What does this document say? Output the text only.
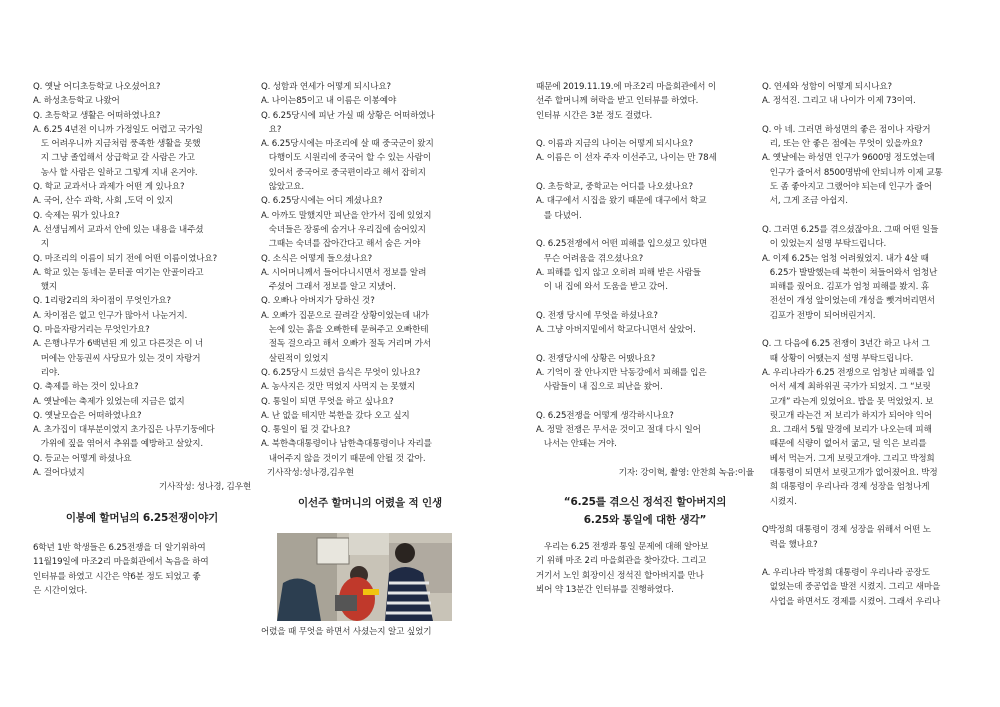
Q. 옛날 어디초등학교 나오셨어요?

A. 하성초등학교 나왔어

Q. 초등학교 생활은 어떠하였나요?

A. 6.25 4년전 이니까 가정일도 어렵고 국가일

도 어려우니까 지금처럼 풍족한 생활을 못했

지 그냥 졸업해서 상급학교 갈 사람은 가고

농사 할 사람은 일하고 그렇게 지내 온거야.

Q. 학교 교과서나 과제가 어떤 게 있나요?

A. 국어, 산수 과학, 사회 ,도덕 이 있지

Q. 숙제는 뭐가 있나요?

A. 선생님께서 교과서 안에 있는 내용을 내주셨

지

Q. 마조리의 이름이 되기 전에 어떤 이름이였나요?

A. 학교 있는 동네는 문터골 여기는 안골이라고

했지

Q. 1리랑2리의 차이점이 무엇인가요?

A. 차이점은 없고 인구가 많아서 나눈거지.

Q. 마을자랑거리는 무엇인가요?

A. 은행나무가 6백년된 게 있고 다른것은 이 너

머에는 안동권씨 사당묘가 있는 것이 자랑거

리야.

Q. 축제를 하는 것이 있나요?

A. 옛날에는 축제가 있었는데 지금은 없지

Q. 옛날모습은 어떠하였나요?

A. 초가집이 대부분이였지 초가집은 나무기둥에다

가위에 짚을 엮어서 추위를 예방하고 살았지.

Q. 등교는 어떻게 하셨나요

A. 걸어다녔지

기사작성: 성나경, 김우현

이봉예 할머님의 6.25전쟁이야기

6학년 1반 학생들은 6.25전쟁을 더 알기위하여

11월19일에 마조2리 마을회관에서 녹음을 하여

인터뷰를 하였고 시간은 약6분 정도 되었고 좋

은 시간이었다.

Q. 성함과 연세가 어떻게 되시나요?

A. 나이는85이고 내 이름은 이봉예야

Q. 6.25당시에 피난 가실 때 상황은 어떠하였나

요?

A. 6.25당시에는 마조리에 살 때 중국군이 왔지

다행이도 시원리에 중국어 할 수 있는 사람이

있어서 중국어로 중국편이라고 해서 잡히지

않았고요.

Q. 6.25당시에는 어디 계셨나요?

A. 아까도 말했지만 피난을 안가서 집에 있었지

숙녀들은 장롱에 숨거나 우리집에 숨어있지

그때는 숙녀를 잡아간다고 해서 숨은 거야

Q. 소식은 어떻게 들으셨나요?

A. 시어머니께서 들어다니시면서 정보를 알려

주셨어 그래서 정보를 알고 지냈어.

Q. 오빠나 아버지가 당하신 것?

A. 오빠가 집문으로 끌려갈 상황이었는데 내가

논에 있는 흙을 오빠한테 문혀주고 오빠한테

절독 걸으라고 해서 오빠가 절독 거리며 가서

살린적이 있었지

Q. 6.25당시 드셨던 음식은 무엇이 있나요?

A. 농사지은 것만 먹었지 사먹지 는 못했지

Q. 통일이 되면 무엇을 하고 싶나요?

A. 난 없을 테지만 북한을 갔다 오고 싶지

Q. 통일이 될 것 같나요?

A. 북한측대통령이나 남한측대통령이나 자리를

내어주지 않을 것이기 때문에 안될 것 같아.

기사작성:성나경,김우현

이선주 할머니의 어렸을 적 인생

어렸을 때 무엇을 하면서 사셨는지 알고 싶었기

때문에 2019.11.19.에 마조2리 마을회관에서 이

선주 할머니께 허락을 받고 인터뷰를 하였다.

인터뷰 시간은 3분 정도 걸렸다.

Q. 이름과 지금의 나이는 어떻게 되시나요?

A. 이름은 이 선자 주자 이선주고, 나이는 만 78세

Q. 초등학교, 중학교는 어디를 나오셨나요?

A. 대구에서 시집을 왔기 때문에 대구에서 학교

를 다녔어.

Q. 6.25전쟁에서 어떤 피해를 입으셨고 있다면

무슨 어려움을 겪으셨나요?

A. 피해를 입지 않고 오히려 피해 받은 사람들

이 내 집에 와서 도움을 받고 갔어.

Q. 전쟁 당시에 무엇을 하셨나요?

A. 그냥 아버지밑에서 학교다니면서 살았어.

Q. 전쟁당시에 상황은 어땠나요?

A. 기억이 잘 안나지만 낙동강에서 피해를 입은

사람들이 내 집으로 피난을 왔어.

Q. 6.25전쟁을 어떻게 생각하시나요?

A. 정말 전쟁은 무서운 것이고 절대 다시 일어

나서는 안돼는 거야.

기자: 강이혁, 촬영: 안찬희 녹음:이율

“6.25를 겪으신 정석진 할아버지의

6.25와 통일에 대한 생각”

우리는 6.25 전쟁과 통일 문제에 대해 알아보

기 위해 마조 2리 마을회관을 찾아갔다. 그리고

거기서 노인 회장이신 정석진 할아버지를 만나

뵈어 약 13분간 인터뷰를 진행하였다.

Q. 연세와 성함이 어떻게 되시나요?

A. 정석진. 그리고 내 나이가 이제 73이여.

Q. 아 네. 그러면 하성면의 좋은 점이나 자랑거

리, 또는 안 좋은 점에는 무엇이 있을까요?

A. 옛날에는 하성면 인구가 9600명 정도였는데

인구가 줄어서 8500명밖에 안되니까 이제 교통

도 좀 좋아지고 그랬어야 되는데 인구가 줄어

서, 그게 조금 아쉽지.

Q. 그러면 6.25를 겪으셨잖아요. 그때 어떤 일들

이 있었는지 설명 부탁드립니다.

A. 이제 6.25는 엄청 어려웠었지. 내가 4살 때

6.25가 발발했는데 북한이 쳐들어와서 엄청난

피해를 줬어요. 김포가 엄청 피해를 봤지. 휴

전선이 개성 앞이었는데 개성을 뺏겨버리면서

김포가 전방이 되어버린거지.

Q. 그 다음에 6.25 전쟁이 3년간 하고 나서 그

때 상황이 어땠는지 설명 부탁드립니다.

A. 우리나라가 6.25 전쟁으로 엄청난 피해를 입

어서 세계 최하위권 국가가 되었지. 그 “보릿

고개” 라는게 있었어요. 밥을 못 먹었었지. 보

릿고개 라는건 저 보리가 하지가 되어야 익어

요. 그래서 5월 말경에 보리가 나오는데 피해

때문에 식량이 없어서 굶고, 덜 익은 보리를

베서 먹는거. 그게 보릿고개야. 그리고 박정희

대통령이 되면서 보릿고개가 없어졌어요. 박정

희 대통령이 우리나라 경제 성장을 엄청나게

시켰지.

Q박정희 대통령이 경제 성장을 위해서 어떤 노

력을 했나요?

A. 우리나라 박정희 대통령이 우리나라 공장도

없었는데 중공업을 발전 시켰지. 그리고 새마을

사업을 하면서도 경제를 시켰어. 그래서 우리나
